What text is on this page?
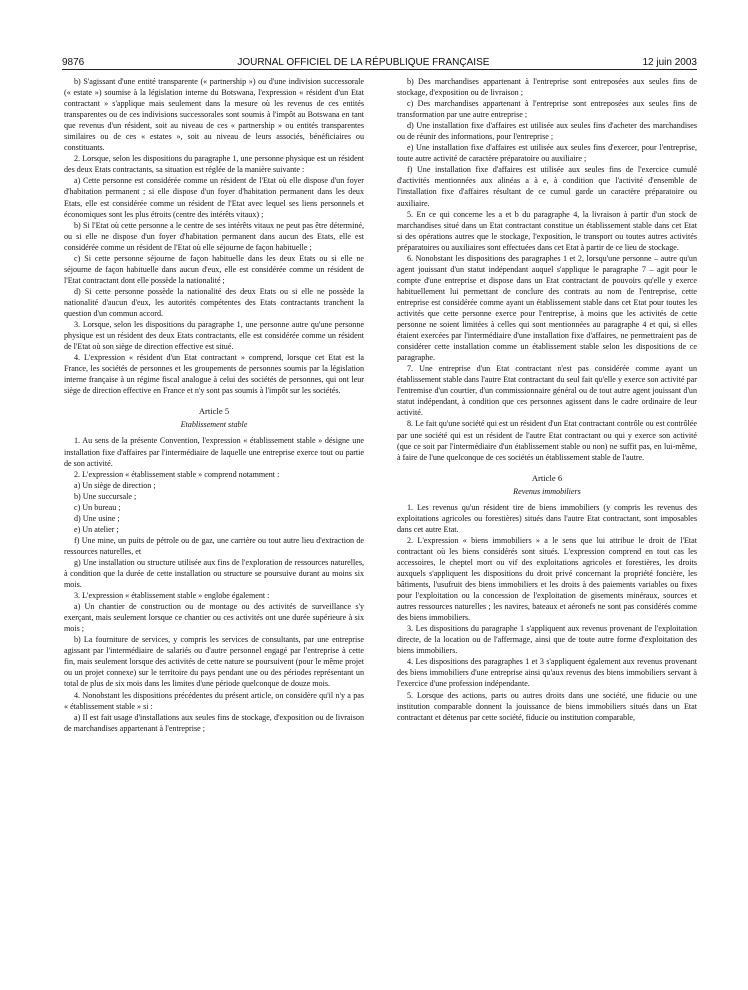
9876	JOURNAL OFFICIEL DE LA RÉPUBLIQUE FRANÇAISE	12 juin 2003

b) S'agissant d'une entité transparente (« partnership ») ou d'une indivision successorale (« estate ») soumise à la législation interne du Botswana, l'expression « résident d'un Etat contractant » s'applique mais seulement dans la mesure où les revenus de ces entités transparentes ou de ces indivisions successorales sont soumis à l'impôt au Botswana en tant que revenus d'un résident, soit au niveau de ces « partnership » ou entités transparentes similaires ou de ces « estates », soit au niveau de leurs associés, bénéficiaires ou constituants.

2. Lorsque, selon les dispositions du paragraphe 1, une personne physique est un résident des deux Etats contractants, sa situation est réglée de la manière suivante :

a) Cette personne est considérée comme un résident de l'Etat où elle dispose d'un foyer d'habitation permanent ; si elle dispose d'un foyer d'habitation permanent dans les deux Etats, elle est considérée comme un résident de l'Etat avec lequel ses liens personnels et économiques sont les plus étroits (centre des intérêts vitaux) ;

b) Si l'Etat où cette personne a le centre de ses intérêts vitaux ne peut pas être déterminé, ou si elle ne dispose d'un foyer d'habitation permanent dans aucun des Etats, elle est considérée comme un résident de l'Etat où elle séjourne de façon habituelle ;

c) Si cette personne séjourne de façon habituelle dans les deux Etats ou si elle ne séjourne de façon habituelle dans aucun d'eux, elle est considérée comme un résident de l'Etat contractant dont elle possède la nationalité ;

d) Si cette personne possède la nationalité des deux Etats ou si elle ne possède la nationalité d'aucun d'eux, les autorités compétentes des Etats contractants tranchent la question d'un commun accord.

3. Lorsque, selon les dispositions du paragraphe 1, une personne autre qu'une personne physique est un résident des deux Etats contractants, elle est considérée comme un résident de l'Etat où son siège de direction effective est situé.

4. L'expression « résident d'un Etat contractant » comprend, lorsque cet Etat est la France, les sociétés de personnes et les groupements de personnes soumis par la législation interne française à un régime fiscal analogue à celui des sociétés de personnes, qui ont leur siège de direction effective en France et n'y sont pas soumis à l'impôt sur les sociétés.

Article 5

Etablissement stable

1. Au sens de la présente Convention, l'expression « établissement stable » désigne une installation fixe d'affaires par l'intermédiaire de laquelle une entreprise exerce tout ou partie de son activité.

2. L'expression « établissement stable » comprend notamment :

a) Un siège de direction ;

b) Une succursale ;

c) Un bureau ;

d) Une usine ;

e) Un atelier ;

f) Une mine, un puits de pétrole ou de gaz, une carrière ou tout autre lieu d'extraction de ressources naturelles, et

g) Une installation ou structure utilisée aux fins de l'exploration de ressources naturelles, à condition que la durée de cette installation ou structure se poursuive durant au moins six mois.

3. L'expression « établissement stable » englobe également :

a) Un chantier de construction ou de montage ou des activités de surveillance s'y exerçant, mais seulement lorsque ce chantier ou ces activités ont une durée supérieure à six mois ;

b) La fourniture de services, y compris les services de consultants, par une entreprise agissant par l'intermédiaire de salariés ou d'autre personnel engagé par l'entreprise à cette fin, mais seulement lorsque des activités de cette nature se poursuivent (pour le même projet ou un projet connexe) sur le territoire du pays pendant une ou des périodes représentant un total de plus de six mois dans les limites d'une période quelconque de douze mois.

4. Nonobstant les dispositions précédentes du présent article, on considère qu'il n'y a pas « établissement stable » si :

a) Il est fait usage d'installations aux seules fins de stockage, d'exposition ou de livraison de marchandises appartenant à l'entreprise ;

b) Des marchandises appartenant à l'entreprise sont entreposées aux seules fins de stockage, d'exposition ou de livraison ;

c) Des marchandises appartenant à l'entreprise sont entreposées aux seules fins de transformation par une autre entreprise ;

d) Une installation fixe d'affaires est utilisée aux seules fins d'acheter des marchandises ou de réunir des informations, pour l'entreprise ;

e) Une installation fixe d'affaires est utilisée aux seules fins d'exercer, pour l'entreprise, toute autre activité de caractère préparatoire ou auxiliaire ;

f) Une installation fixe d'affaires est utilisée aux seules fins de l'exercice cumulé d'activités mentionnées aux alinéas a à e, à condition que l'activité d'ensemble de l'installation fixe d'affaires résultant de ce cumul garde un caractère préparatoire ou auxiliaire.

5. En ce qui concerne les a et b du paragraphe 4, la livraison à partir d'un stock de marchandises situé dans un Etat contractant constitue un établissement stable dans cet Etat si des opérations autres que le stockage, l'exposition, le transport ou toutes autres activités préparatoires ou auxiliaires sont effectuées dans cet Etat à partir de ce lieu de stockage.

6. Nonobstant les dispositions des paragraphes 1 et 2, lorsqu'une personne – autre qu'un agent jouissant d'un statut indépendant auquel s'applique le paragraphe 7 – agit pour le compte d'une entreprise et dispose dans un Etat contractant de pouvoirs qu'elle y exerce habituellement lui permettant de conclure des contrats au nom de l'entreprise, cette entreprise est considérée comme ayant un établissement stable dans cet Etat pour toutes les activités que cette personne exerce pour l'entreprise, à moins que les activités de cette personne ne soient limitées à celles qui sont mentionnées au paragraphe 4 et qui, si elles étaient exercées par l'intermédiaire d'une installation fixe d'affaires, ne permettraient pas de considérer cette installation comme un établissement stable selon les dispositions de ce paragraphe.

7. Une entreprise d'un Etat contractant n'est pas considérée comme ayant un établissement stable dans l'autre Etat contractant du seul fait qu'elle y exerce son activité par l'entremise d'un courtier, d'un commissionnaire général ou de tout autre agent jouissant d'un statut indépendant, à condition que ces personnes agissent dans le cadre ordinaire de leur activité.

8. Le fait qu'une société qui est un résident d'un Etat contractant contrôle ou est contrôlée par une société qui est un résident de l'autre Etat contractant ou qui y exerce son activité (que ce soit par l'intermédiaire d'un établissement stable ou non) ne suffit pas, en lui-même, à faire de l'une quelconque de ces sociétés un établissement stable de l'autre.

Article 6

Revenus immobiliers

1. Les revenus qu'un résident tire de biens immobiliers (y compris les revenus des exploitations agricoles ou forestières) situés dans l'autre Etat contractant, sont imposables dans cet autre Etat.

2. L'expression « biens immobiliers » a le sens que lui attribue le droit de l'Etat contractant où les biens considérés sont situés. L'expression comprend en tout cas les accessoires, le cheptel mort ou vif des exploitations agricoles et forestières, les droits auxquels s'appliquent les dispositions du droit privé concernant la propriété foncière, les bâtiments, l'usufruit des biens immobiliers et les droits à des paiements variables ou fixes pour l'exploitation ou la concession de l'exploitation de gisements minéraux, sources et autres ressources naturelles ; les navires, bateaux et aéronefs ne sont pas considérés comme des biens immobiliers.

3. Les dispositions du paragraphe 1 s'appliquent aux revenus provenant de l'exploitation directe, de la location ou de l'affermage, ainsi que de toute autre forme d'exploitation des biens immobiliers.

4. Les dispositions des paragraphes 1 et 3 s'appliquent également aux revenus provenant des biens immobiliers d'une entreprise ainsi qu'aux revenus des biens immobiliers servant à l'exercice d'une profession indépendante.

5. Lorsque des actions, parts ou autres droits dans une société, une fiducie ou une institution comparable donnent la jouissance de biens immobiliers situés dans un Etat contractant et détenus par cette société, fiducie ou institution comparable,
